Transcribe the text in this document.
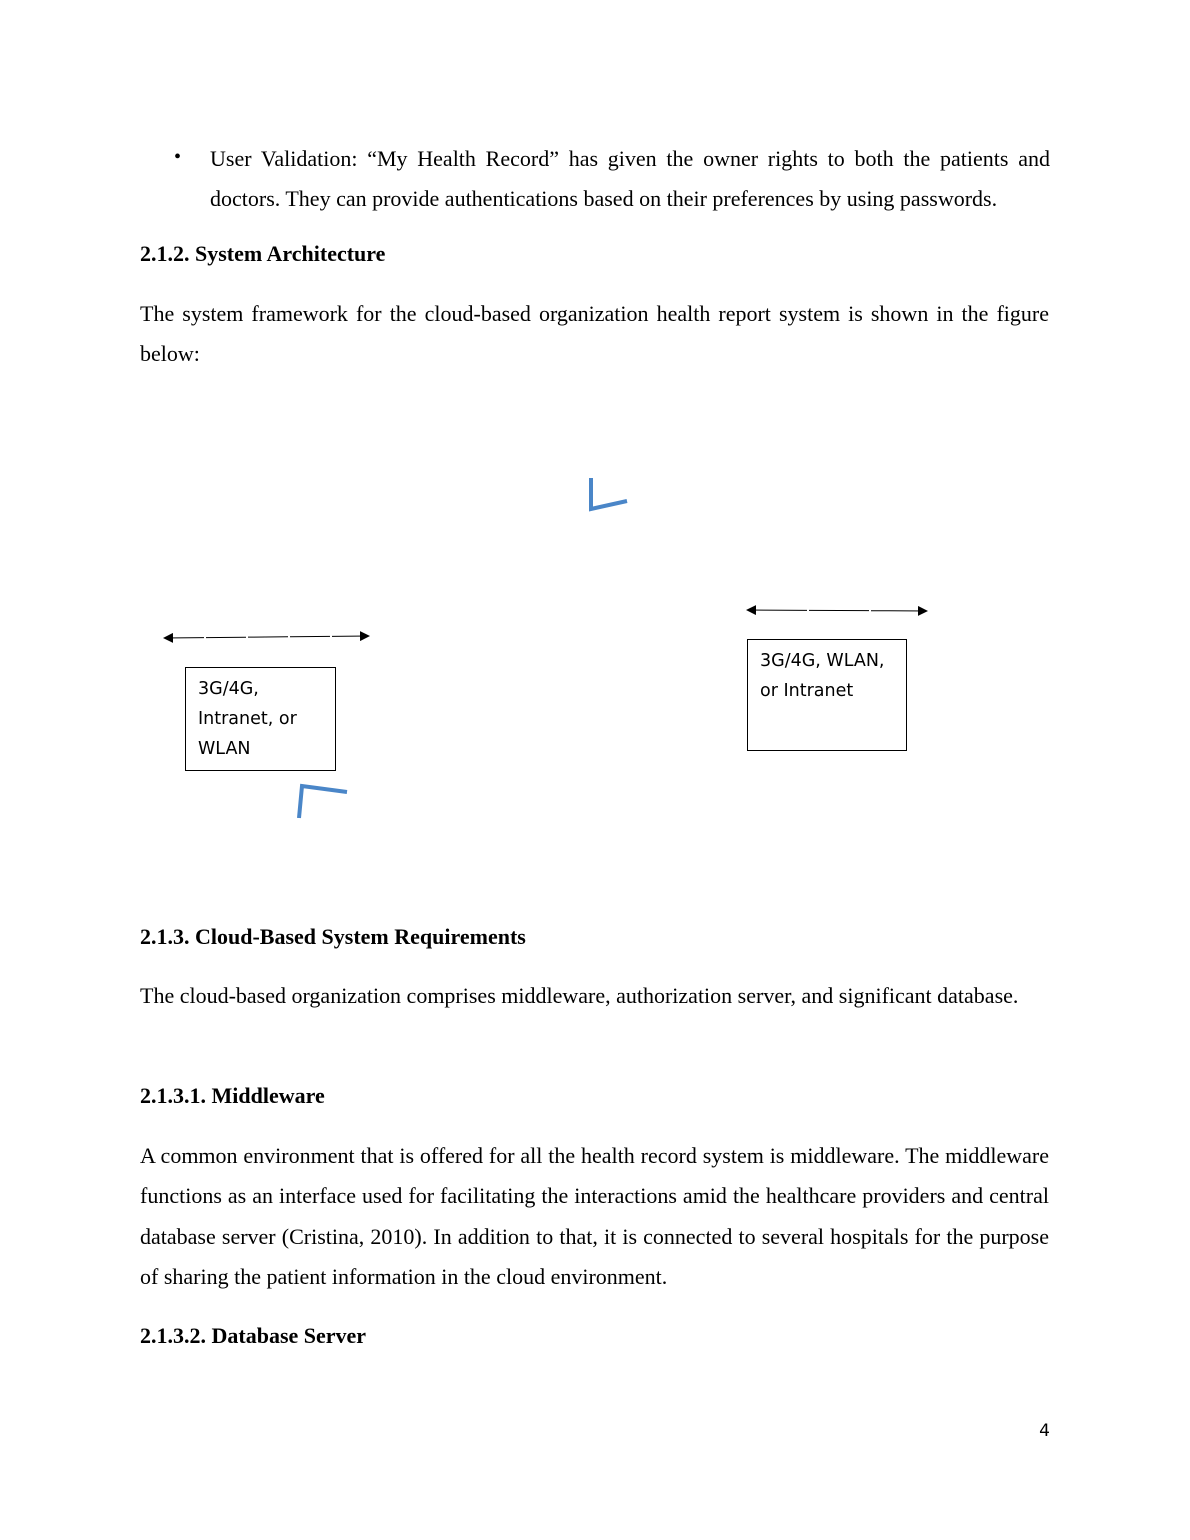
•	User Validation: “My Health Record” has given the owner rights to both the patients and doctors. They can provide authentications based on their preferences by using passwords.
2.1.2. System Architecture
The system framework for the cloud-based organization health report system is shown in the figure below:
3G/4G,
Intranet, or
WLAN
3G/4G, WLAN,
or Intranet
2.1.3. Cloud-Based System Requirements
The cloud-based organization comprises middleware, authorization server, and significant database.
2.1.3.1. Middleware
A common environment that is offered for all the health record system is middleware. The middleware functions as an interface used for facilitating the interactions amid the healthcare providers and central database server (Cristina, 2010). In addition to that, it is connected to several hospitals for the purpose of sharing the patient information in the cloud environment.
2.1.3.2. Database Server
4
